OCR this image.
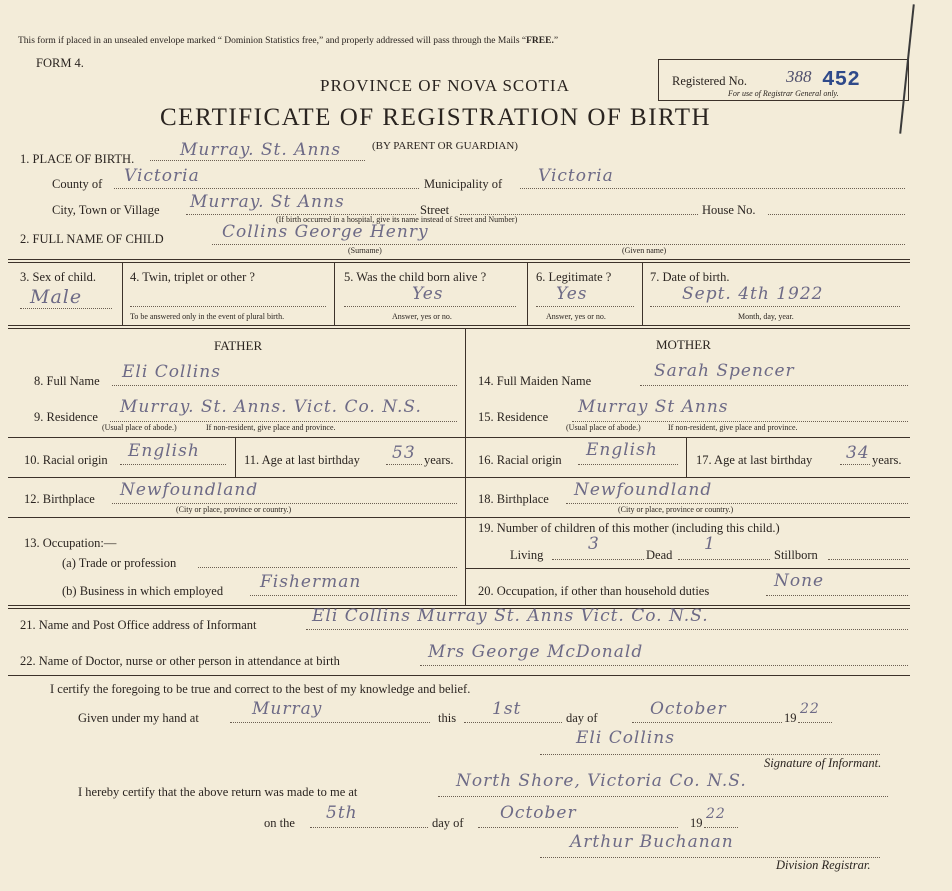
This form if placed in an unsealed envelope marked “ Dominion Statistics free,” and properly addressed will pass through the Mails “FREE.”
FORM 4.
PROVINCE OF NOVA SCOTIA	Registered No. 388 452
For use of Registrar General only.
CERTIFICATE OF REGISTRATION OF BIRTH
1. PLACE OF BIRTH.	Murray. St. Anns	(BY PARENT OR GUARDIAN)
County of Victoria	Municipality of Victoria
City, Town or Village Murray. St Anns	Street	House No.
(If birth occurred in a hospital, give its name instead of Street and Number)
2. FULL NAME OF CHILD	Collins George Henry
(Surname)	(Given name)
3. Sex of child.
Male
4. Twin, triplet or other ?
To be answered only in the event of plural birth.
5. Was the child born alive ?
Yes
Answer, yes or no.
6. Legitimate ?
Yes
Answer, yes or no.
7. Date of birth.
Sept. 4th 1922
Month, day, year.
FATHER	MOTHER
8. Full Name Eli Collins
9. Residence Murray. St. Anns. Vict. Co. N.S.
(Usual place of abode.)	If non-resident, give place and province.
10. Racial origin English	11. Age at last birthday 53 years.
12. Birthplace Newfoundland
(City or place, province or country.)
13. Occupation:—
(a) Trade or profession
(b) Business in which employed Fisherman
14. Full Maiden Name	Sarah Spencer
15. Residence Murray St Anns
(Usual place of abode.)	If non-resident, give place and province.
16. Racial origin English	17. Age at last birthday 34 years.
18. Birthplace Newfoundland
(City or place, province or country.)
19. Number of children of this mother (including this child.)
Living
3
Dead
1
Stillborn
20. Occupation, if other than household duties	None
21. Name and Post Office address of Informant	Eli Collins Murray St. Anns Vict. Co. N.S.
22. Name of Doctor, nurse or other person in attendance at birth	Mrs George McDonald
I certify the foregoing to be true and correct to the best of my knowledge and belief.
Given under my hand at	Murray	this 1st	day of	October	19
22
Eli Collins
Signature of Informant.
I hereby certify that the above return was made to me at
North Shore, Victoria Co. N.S.
on the 5th	day of October	19
22
Arthur Buchanan
Division Registrar.
